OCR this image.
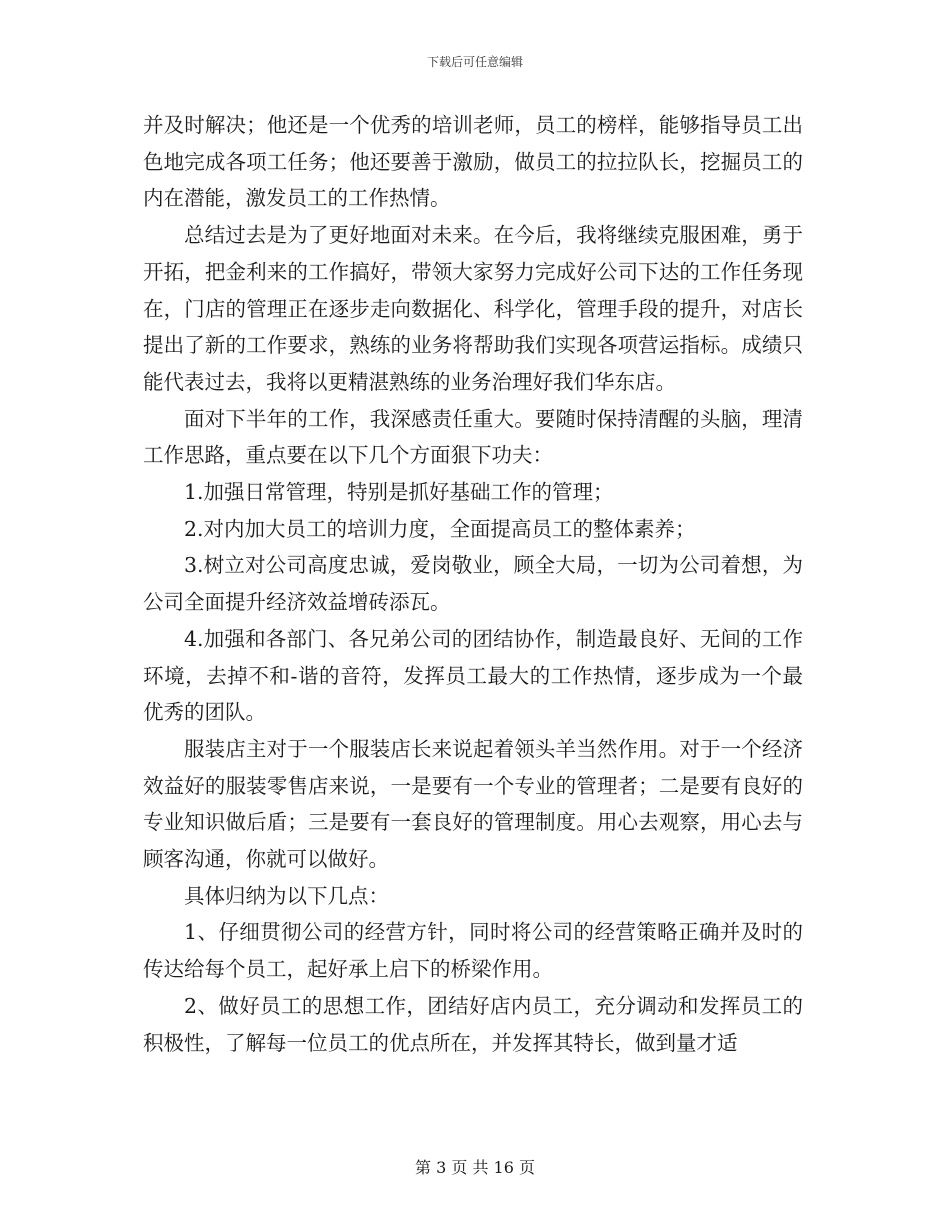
下载后可任意编辑

并及时解决；他还是一个优秀的培训老师，员工的榜样，能够指导员工出色地完成各项工任务；他还要善于激励，做员工的拉拉队长，挖掘员工的内在潜能，激发员工的工作热情。

总结过去是为了更好地面对未来。在今后，我将继续克服困难，勇于开拓，把金利来的工作搞好，带领大家努力完成好公司下达的工作任务现在，门店的管理正在逐步走向数据化、科学化，管理手段的提升，对店长提出了新的工作要求，熟练的业务将帮助我们实现各项营运指标。成绩只能代表过去，我将以更精湛熟练的业务治理好我们华东店。

面对下半年的工作，我深感责任重大。要随时保持清醒的头脑，理清工作思路，重点要在以下几个方面狠下功夫：

1.加强日常管理，特别是抓好基础工作的管理；

2.对内加大员工的培训力度，全面提高员工的整体素养；

3.树立对公司高度忠诚，爱岗敬业，顾全大局，一切为公司着想，为公司全面提升经济效益增砖添瓦。

4.加强和各部门、各兄弟公司的团结协作，制造最良好、无间的工作环境，去掉不和-谐的音符，发挥员工最大的工作热情，逐步成为一个最优秀的团队。

服装店主对于一个服装店长来说起着领头羊当然作用。对于一个经济效益好的服装零售店来说，一是要有一个专业的管理者；二是要有良好的专业知识做后盾；三是要有一套良好的管理制度。用心去观察，用心去与顾客沟通，你就可以做好。

具体归纳为以下几点：

1、仔细贯彻公司的经营方针，同时将公司的经营策略正确并及时的传达给每个员工，起好承上启下的桥梁作用。

2、做好员工的思想工作，团结好店内员工，充分调动和发挥员工的积极性，了解每一位员工的优点所在，并发挥其特长，做到量才适

第 3 页 共 16 页
